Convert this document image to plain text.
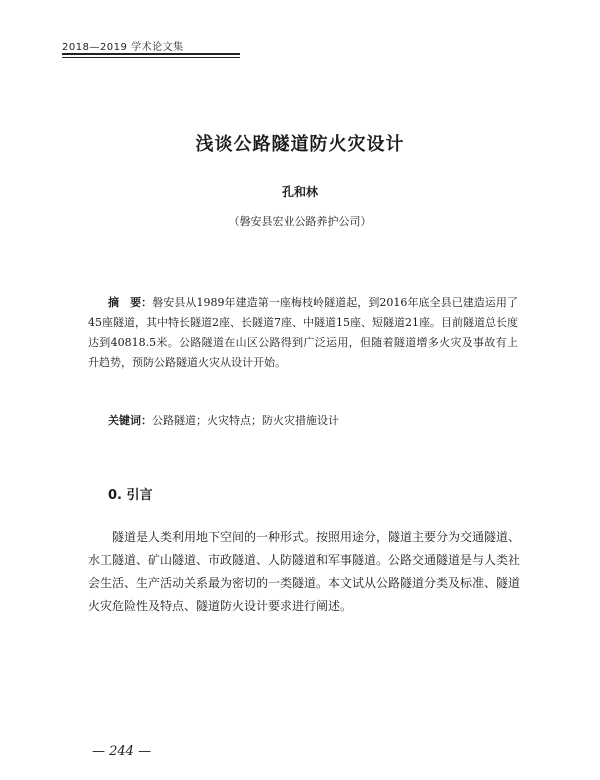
2018—2019 学术论文集
浅谈公路隧道防火灾设计
孔和林
（磐安县宏业公路养护公司）
摘　要：磐安县从1989年建造第一座梅枝岭隧道起，到2016年底全县已建造运用了45座隧道，其中特长隧道2座、长隧道7座、中隧道15座、短隧道21座。目前隧道总长度达到40818.5米。公路隧道在山区公路得到广泛运用，但随着隧道增多火灾及事故有上升趋势，预防公路隧道火灾从设计开始。
关键词：公路隧道；火灾特点；防火灾措施设计
0. 引言
隧道是人类利用地下空间的一种形式。按照用途分，隧道主要分为交通隧道、水工隧道、矿山隧道、市政隧道、人防隧道和军事隧道。公路交通隧道是与人类社会生活、生产活动关系最为密切的一类隧道。本文试从公路隧道分类及标准、隧道火灾危险性及特点、隧道防火设计要求进行阐述。
— 244 —
